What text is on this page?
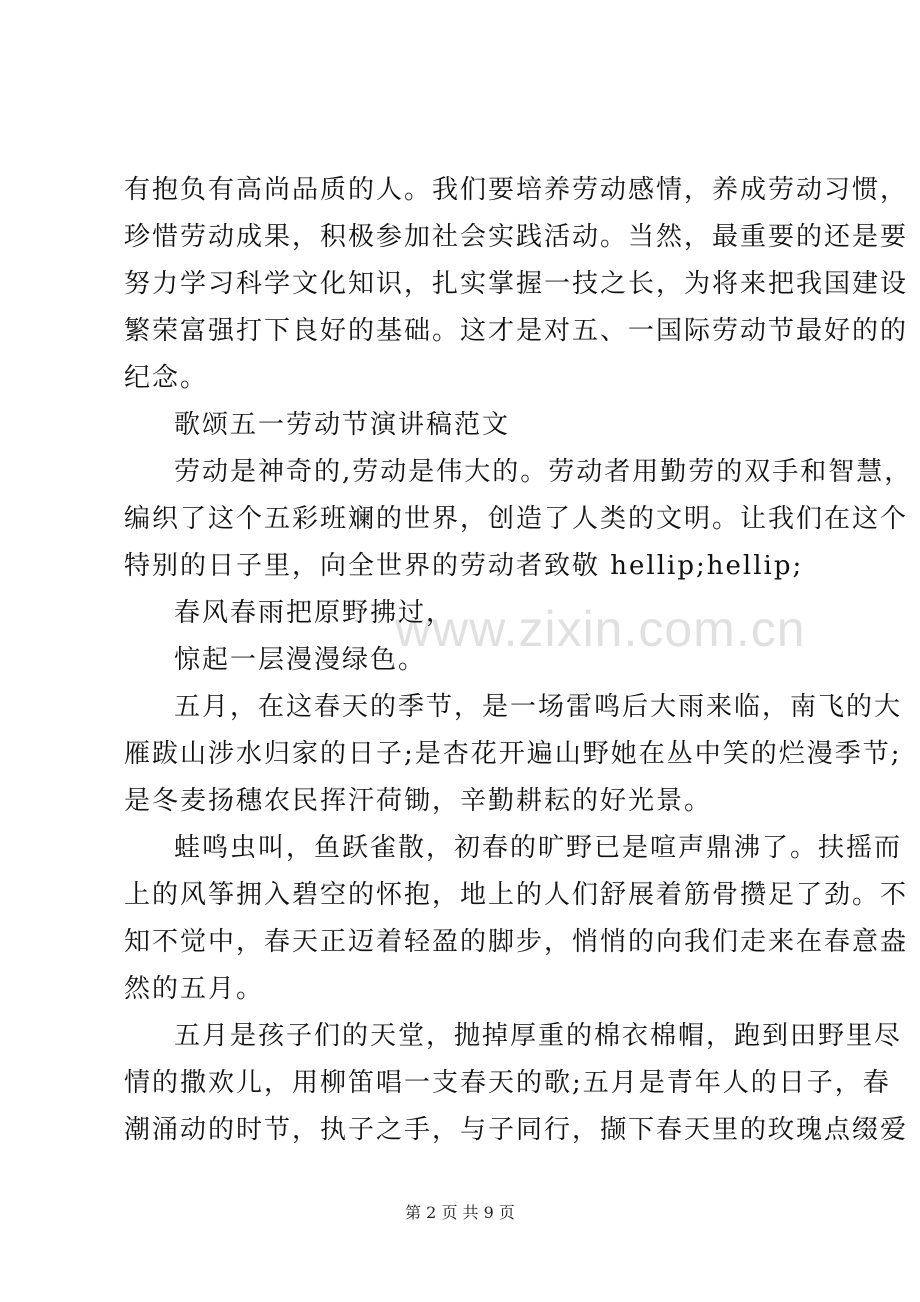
有抱负有高尚品质的人。我们要培养劳动感情，养成劳动习惯，
珍惜劳动成果，积极参加社会实践活动。当然，最重要的还是要
努力学习科学文化知识，扎实掌握一技之长，为将来把我国建设
繁荣富强打下良好的基础。这才是对五、一国际劳动节最好的的
纪念。
歌颂五一劳动节演讲稿范文
劳动是神奇的,劳动是伟大的。劳动者用勤劳的双手和智慧，
编织了这个五彩班斓的世界，创造了人类的文明。让我们在这个
特别的日子里，向全世界的劳动者致敬 hellip;hellip;
春风春雨把原野拂过，
惊起一层漫漫绿色。
五月，在这春天的季节，是一场雷鸣后大雨来临，南飞的大
雁跋山涉水归家的日子;是杏花开遍山野她在丛中笑的烂漫季节;
是冬麦扬穗农民挥汗荷锄，辛勤耕耘的好光景。
蛙鸣虫叫，鱼跃雀散，初春的旷野已是喧声鼎沸了。扶摇而
上的风筝拥入碧空的怀抱，地上的人们舒展着筋骨攒足了劲。不
知不觉中，春天正迈着轻盈的脚步，悄悄的向我们走来在春意盎
然的五月。
五月是孩子们的天堂，抛掉厚重的棉衣棉帽，跑到田野里尽
情的撒欢儿，用柳笛唱一支春天的歌;五月是青年人的日子，春
潮涌动的时节，执子之手，与子同行，撷下春天里的玫瑰点缀爱
www.zixin.com.cn
第 2 页 共 9 页
